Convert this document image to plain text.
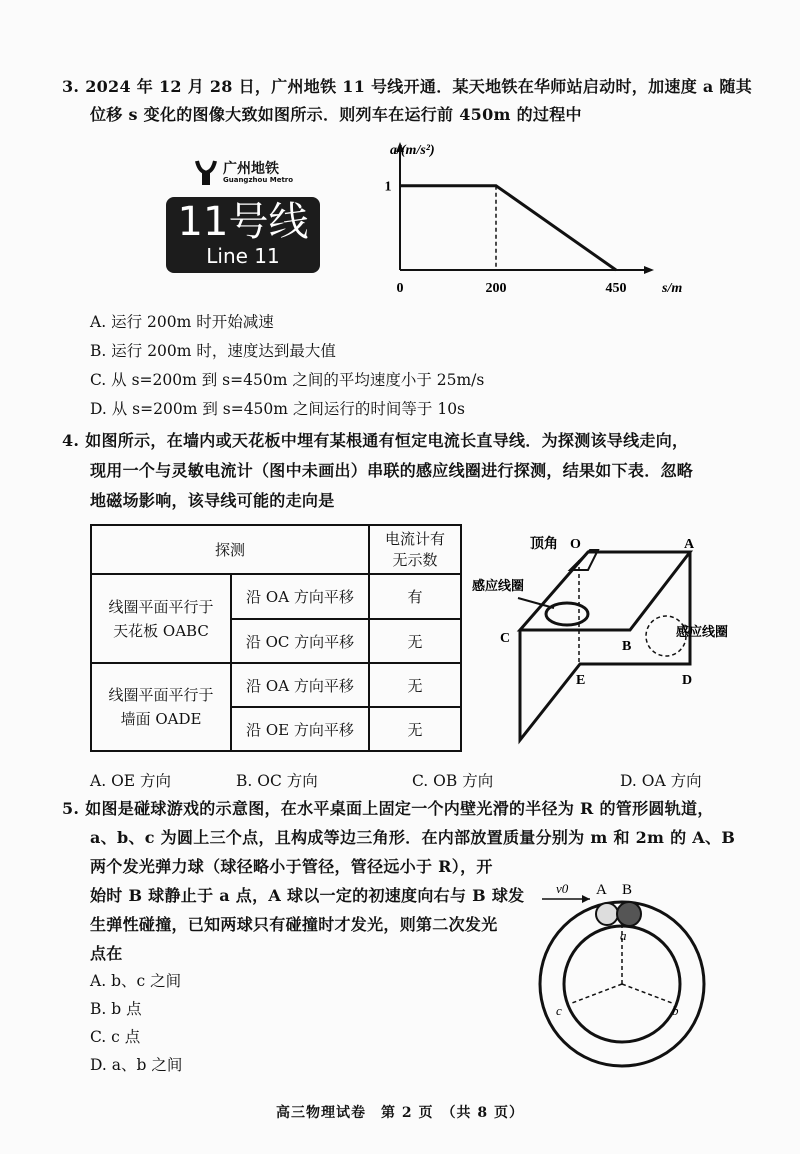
3. 2024 年 12 月 28 日，广州地铁 11 号线开通．某天地铁在华师站启动时，加速度 a 随其
位移 s 变化的图像大致如图所示．则列车在运行前 450m 的过程中
广州地铁
Guangzhou Metro
11号线
Line 11
0	200	450
1
s/m
a/(m/s²)
A. 运行 200m 时开始减速
B. 运行 200m 时，速度达到最大值
C. 从 s=200m 到 s=450m 之间的平均速度小于 25m/s
D. 从 s=200m 到 s=450m 之间运行的时间等于 10s
4. 如图所示，在墙内或天花板中埋有某根通有恒定电流长直导线．为探测该导线走向，
现用一个与灵敏电流计（图中未画出）串联的感应线圈进行探测，结果如下表．忽略
地磁场影响，该导线可能的走向是
探测	
电流计有
无示数

线圈平面平行于
天花板 OABC
	沿 OA 方向平移	有
沿 OC 方向平移	无

线圈平面平行于
墙面 OADE
	沿 OA 方向平移	无
沿 OE 方向平移	无
顶角 O	A
C
B
E	D
感应线圈
感应线圈
A. OE 方向	B. OC 方向	C. OB 方向	D. OA 方向
5. 如图是碰球游戏的示意图，在水平桌面上固定一个内壁光滑的半径为 R 的管形圆轨道，
a、b、c 为圆上三个点，且构成等边三角形．在内部放置质量分别为 m 和 2m 的 A、B
两个发光弹力球（球径略小于管径，管径远小于 R），开
始时 B 球静止于 a 点，A 球以一定的初速度向右与 B 球发
生弹性碰撞，已知两球只有碰撞时才发光，则第二次发光
点在
A. b、c 之间
B. b 点
C. c 点
D. a、b 之间
v0 A B
a
c	b
高三物理试卷　第 2 页　（共 8 页）
